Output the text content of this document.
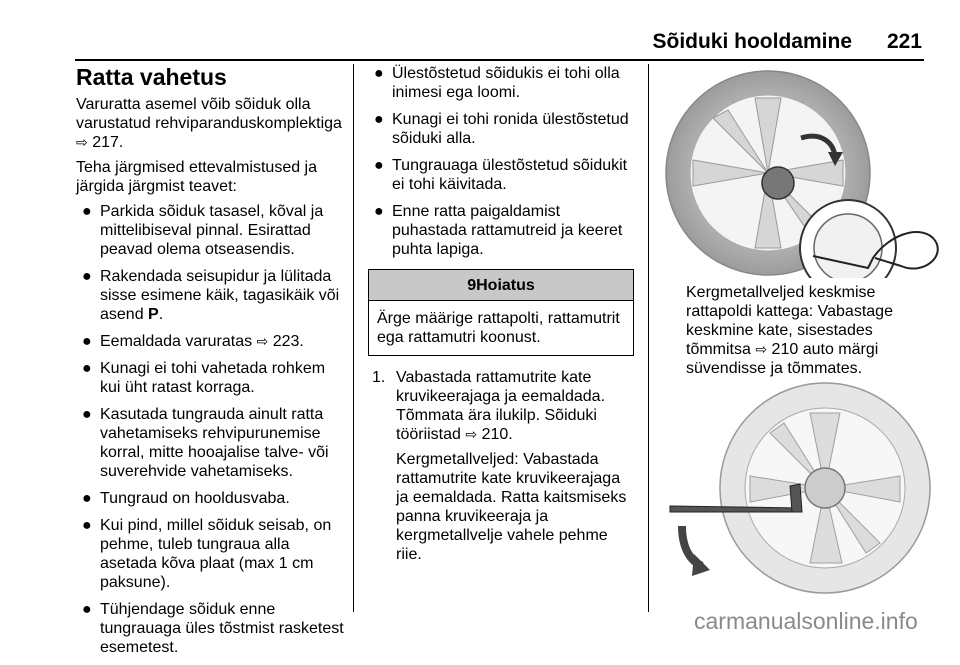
Sõiduki hooldamine 221
Ratta vahetus

Varuratta asemel võib sõiduk olla varustatud rehviparanduskomplektiga ⇨ 217.

Teha järgmised ettevalmistused ja järgida järgmist teavet:

● Parkida sõiduk tasasel, kõval ja mittelibiseval pinnal. Esirattad peavad olema otseasendis.
● Rakendada seisupidur ja lülitada sisse esimene käik, tagasikäik või asend P.
● Eemaldada varuratas ⇨ 223.
● Kunagi ei tohi vahetada rohkem kui üht ratast korraga.
● Kasutada tungrauda ainult ratta vahetamiseks rehvipurunemise korral, mitte hooajalise talve- või suverehvide vahetamiseks.
● Tungraud on hooldusvaba.
● Kui pind, millel sõiduk seisab, on pehme, tuleb tungraua alla asetada kõva plaat (max 1 cm paksune).
● Tühjendage sõiduk enne tungrauaga üles tõstmist rasketest esemetest.
● Ülestõstetud sõidukis ei tohi olla inimesi ega loomi.
● Kunagi ei tohi ronida ülestõstetud sõiduki alla.
● Tungrauaga ülestõstetud sõidukit ei tohi käivitada.
● Enne ratta paigaldamist puhastada rattamutreid ja keeret puhta lapiga.
9Hoiatus
Ärge määrige rattapolti, rattamutrit ega rattamutri koonust.
1. Vabastada rattamutrite kate kruvikeerajaga ja eemaldada. Tõmmata ära ilukilp. Sõiduki tööriistad ⇨ 210.

Kergmetallveljed: Vabastada rattamutrite kate kruvikeerajaga ja eemaldada. Ratta kaitsmiseks panna kruvikeeraja ja kergmetallvelje vahele pehme riie.

Kergmetallveljed keskmise rattapoldi kattega: Vabastage keskmine kate, sisestades tõmmitsa ⇨ 210 auto märgi süvendisse ja tõmmates.
carmanualsonline.info
